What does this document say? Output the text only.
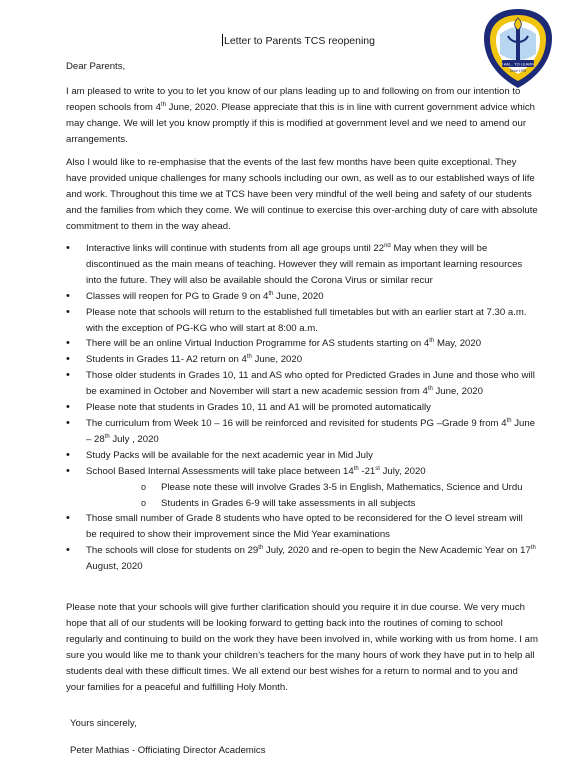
Letter to Parents TCS reopening
I AM... TO LEARN
Since 1978

Dear Parents,

I am pleased to write to you to let you know of our plans leading up to and following on from our intention to reopen schools from 4th June, 2020. Please appreciate that this is in line with current government advice which may change. We will let you know promptly if this is modified at government level and we need to amend our arrangements.

Also I would like to re-emphasise that the events of the last few months have been quite exceptional. They have provided unique challenges for many schools including our own, as well as to our established ways of life and work. Throughout this time we at TCS have been very mindful of the well being and safety of our students and the families from which they come. We will continue to exercise this over-arching duty of care with absolute commitment to them in the way ahead.

• Interactive links will continue with students from all age groups until 22nd May when they will be discontinued as the main means of teaching. However they will remain as important learning resources into the future. They will also be available should the Corona Virus or similar recur
• Classes will reopen for PG to Grade 9 on 4th June, 2020
• Please note that schools will return to the established full timetables but with an earlier start at 7.30 a.m. with the exception of PG-KG who will start at 8:00 a.m.
• There will be an online Virtual Induction Programme for AS students starting on 4th May, 2020
• Students in Grades 11- A2 return on 4th June, 2020
• Those older students in Grades 10, 11 and AS who opted for Predicted Grades in June and those who will be examined in October and November will start a new academic session from 4th June, 2020
• Please note that students in Grades 10, 11 and A1 will be promoted automatically
• The curriculum from Week 10 – 16 will be reinforced and revisited for students PG –Grade 9 from 4th June – 28th July , 2020
• Study Packs will be available for the next academic year in Mid July
• School Based Internal Assessments will take place between 14th -21st July, 2020
o Please note these will involve Grades 3-5 in English, Mathematics, Science and Urdu
o Students in Grades 6-9 will take assessments in all subjects
• Those small number of Grade 8 students who have opted to be reconsidered for the O level stream will be required to show their improvement since the Mid Year examinations
• The schools will close for students on 29th July, 2020 and re-open to begin the New Academic Year on 17th August, 2020

Please note that your schools will give further clarification should you require it in due course. We very much hope that all of our students will be looking forward to getting back into the routines of coming to school regularly and continuing to build on the work they have been involved in, while working with us from home. I am sure you would like me to thank your children’s teachers for the many hours of work they have put in to help all students deal with these difficult times. We all extend our best wishes for a return to normal and to you and your families for a peaceful and fulfilling Holy Month.

Yours sincerely,

Peter Mathias - Officiating Director Academics
